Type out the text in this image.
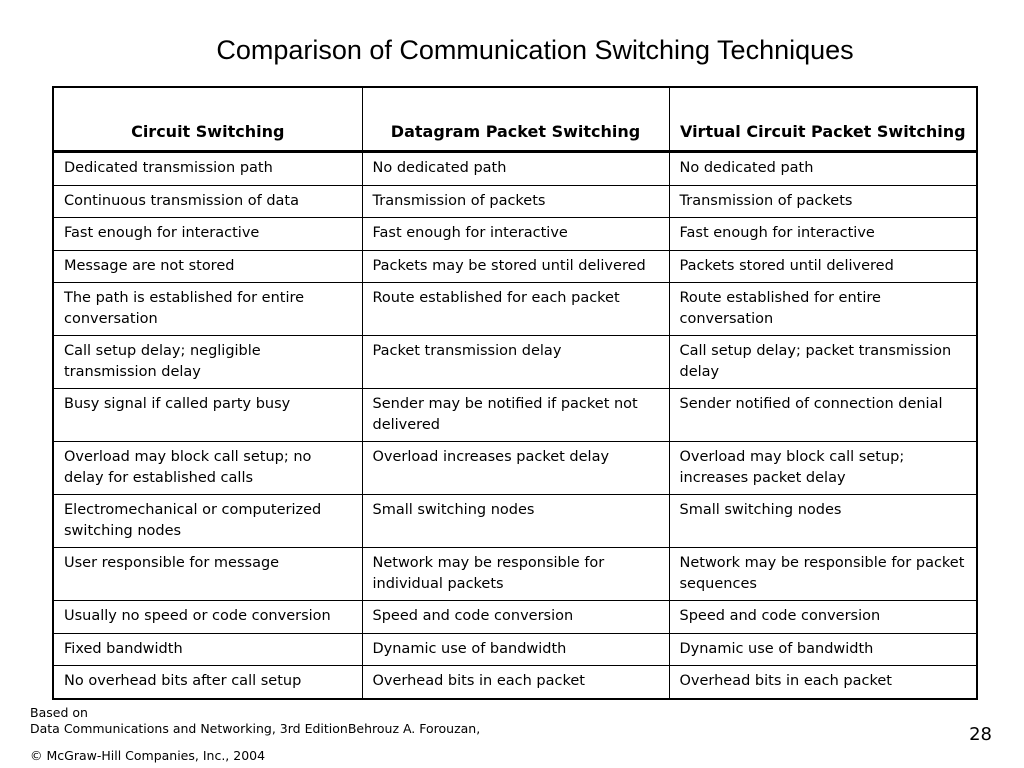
Comparison of Communication Switching Techniques
Circuit Switching	Datagram Packet Switching	Virtual Circuit Packet Switching
Dedicated transmission path	No dedicated path	No dedicated path
Continuous transmission of data	Transmission of packets	Transmission of packets
Fast enough for interactive	Fast enough for interactive	Fast enough for interactive
Message are not stored	Packets may be stored until delivered	Packets stored until delivered
The path is established for entire conversation	Route established for each packet	Route established for entire conversation
Call setup delay; negligible transmission delay	Packet transmission delay	Call setup delay; packet transmission delay
Busy signal if called party busy	Sender may be notified if packet not delivered	Sender notified of connection denial
Overload may block call setup; no delay for established calls	Overload increases packet delay	Overload may block call setup; increases packet delay
Electromechanical or computerized switching nodes	Small switching nodes	Small switching nodes
User responsible for message	Network may be responsible for individual packets	Network may be responsible for packet sequences
Usually no speed or code conversion	Speed and code conversion	Speed and code conversion
Fixed bandwidth	Dynamic use of bandwidth	Dynamic use of bandwidth
No overhead bits after call setup	Overhead bits in each packet	Overhead bits in each packet
Based on
Data Communications and Networking, 3rd EditionBehrouz A. Forouzan,
© McGraw-Hill Companies, Inc., 2004
28
